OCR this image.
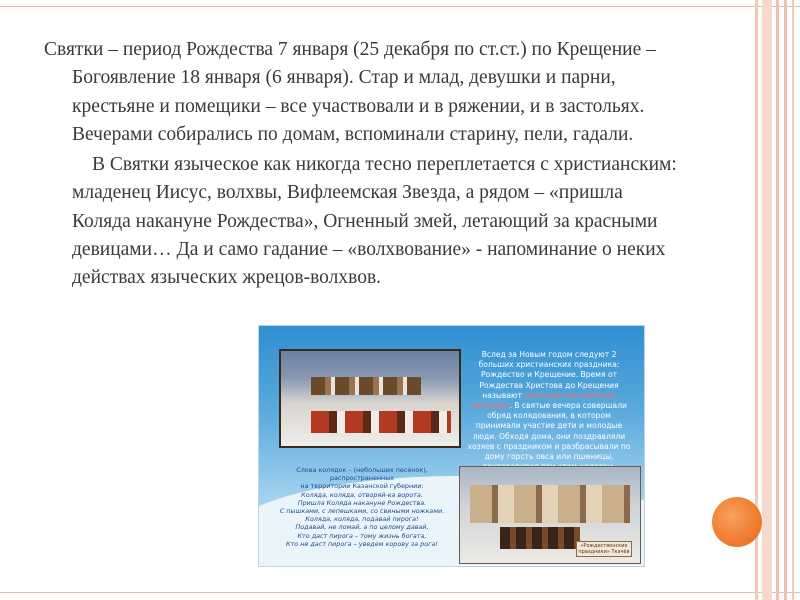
Святки – период Рождества 7 января (25 декабря по ст.ст.) по Крещение – Богоявление 18 января (6 января). Стар и млад, девушки и парни, крестьяне и помещики – все участвовали и в ряжении, и в застольях. Вечерами собирались по домам, вспоминали старину, пели, гадали.

В Святки языческое как никогда тесно переплетается с христианским: младенец Иисус, волхвы, Вифлеемская Звезда, а рядом – «пришла Коляда накануне Рождества», Огненный змей, летающий за красными девицами… Да и само гадание – «волхвование» - напоминание о неких действах языческих жрецов-волхвов.

Вслед за Новым годом следуют 2 больших христианских праздника: Рождество и Крещение. Время от Рождества Христова до Крещения называют святками или святыми вечерами. В святые вечера совершали обряд колядования, в котором принимали участие дети и молодые люди. Обходя дома, они поздравляли хозяев с праздником и разбрасывали по дому горсть овса или пшеницы,
Слова колядок – (небольших песенок),
распространенных
на территории Казанской губернии:
Коляда, коляда, отворяй-ка ворота.
Пришла Коляда накануне Рождества.
С пышками, с лепешками, со свиными ножками.
Коляда, коляда, подавай пирога!
Подавай, не ломай, а по целому давай,
Кто даст пирога – тому жизнь богата,
Кто не даст пирога – уведем корову за рога!	«Рождественские праздники» Ткачёв
